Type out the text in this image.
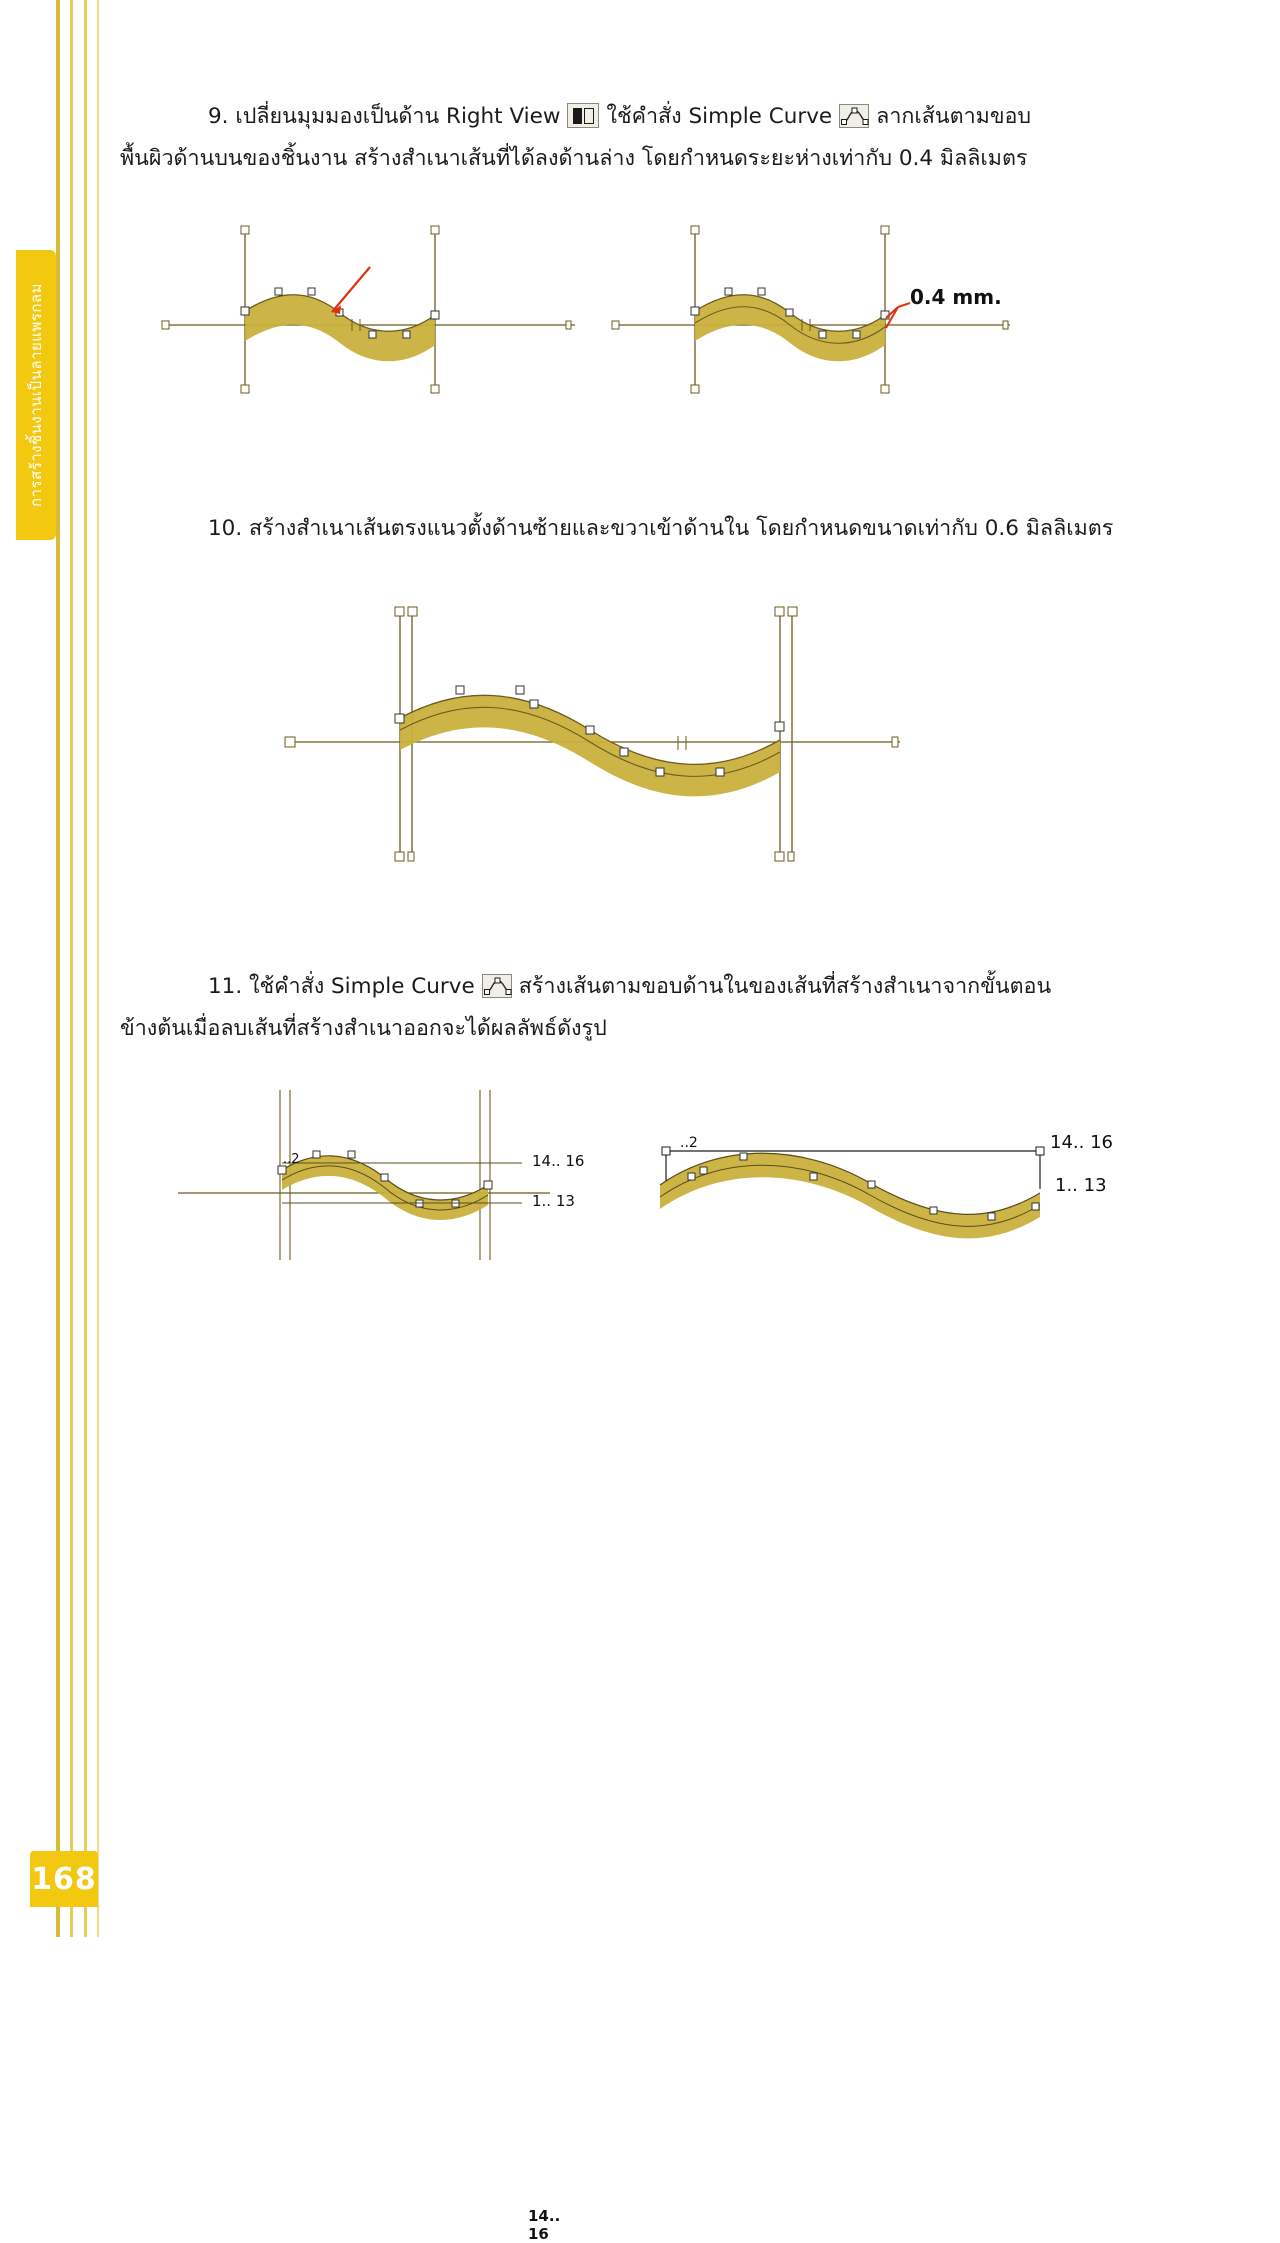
การสร้างชิ้นงานเป็นลายแพรกลม
168
9. เปลี่ยนมุมมองเป็นด้าน Right View ใช้คำสั่ง Simple Curve ลากเส้นตามขอบ
พื้นผิวด้านบนของชิ้นงาน สร้างสำเนาเส้นที่ได้ลงด้านล่าง โดยกำหนดระยะห่างเท่ากับ 0.4 มิลลิเมตร
0.4 mm.
10. สร้างสำเนาเส้นตรงแนวตั้งด้านซ้ายและขวาเข้าด้านใน โดยกำหนดขนาดเท่ากับ 0.6 มิลลิเมตร
11. ใช้คำสั่ง Simple Curve สร้างเส้นตามขอบด้านในของเส้นที่สร้างสำเนาจากขั้นตอน
ข้างต้นเมื่อลบเส้นที่สร้างสำเนาออกจะได้ผลลัพธ์ดังรูป
14.. 16
14.. 16
1.. 13
..2
14.. 16
1.. 13
..2
